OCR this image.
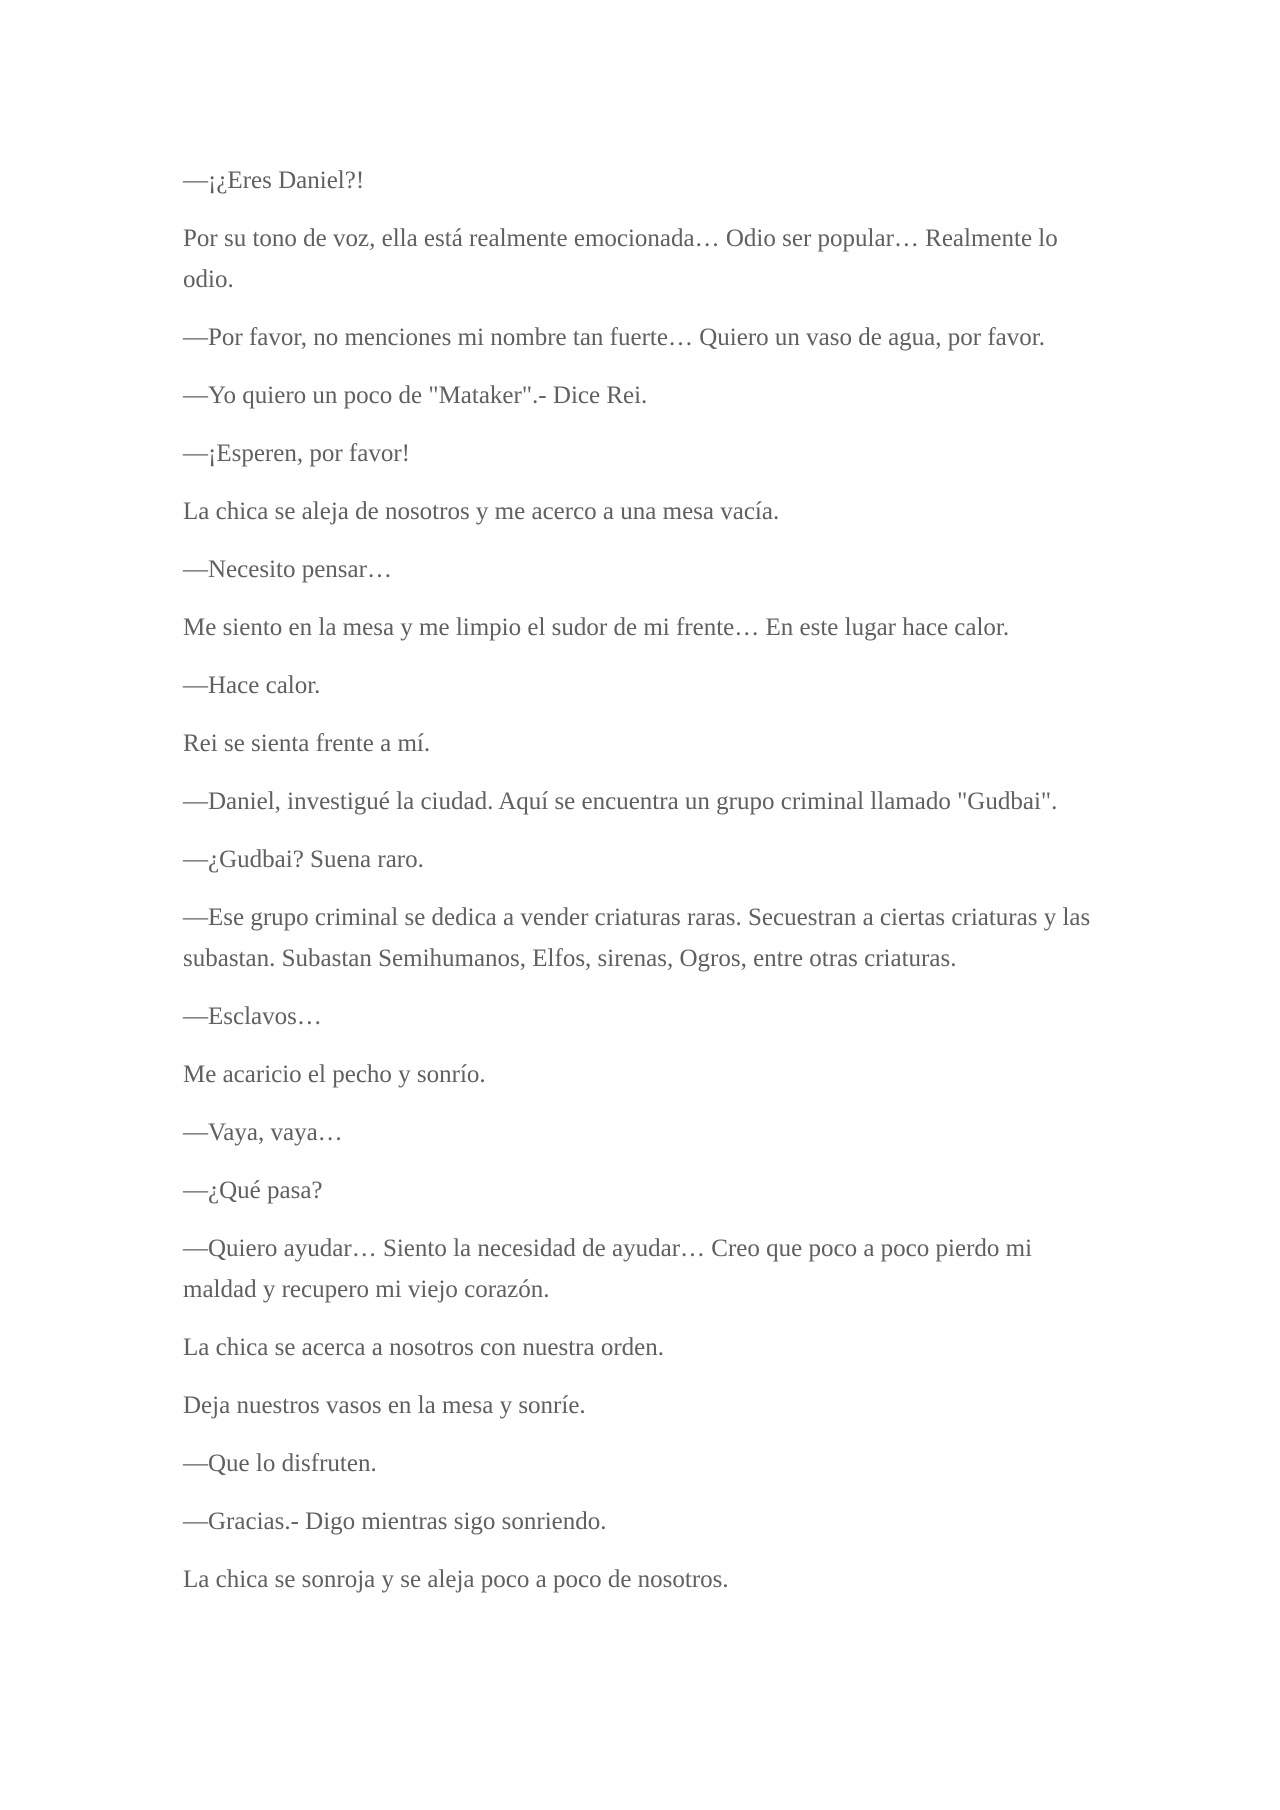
—¡¿Eres Daniel?!

Por su tono de voz, ella está realmente emocionada… Odio ser popular… Realmente lo odio.

—Por favor, no menciones mi nombre tan fuerte… Quiero un vaso de agua, por favor.

—Yo quiero un poco de "Mataker".- Dice Rei.

—¡Esperen, por favor!

La chica se aleja de nosotros y me acerco a una mesa vacía.

—Necesito pensar…

Me siento en la mesa y me limpio el sudor de mi frente… En este lugar hace calor.

—Hace calor.

Rei se sienta frente a mí.

—Daniel, investigué la ciudad. Aquí se encuentra un grupo criminal llamado "Gudbai".

—¿Gudbai? Suena raro.

—Ese grupo criminal se dedica a vender criaturas raras. Secuestran a ciertas criaturas y las subastan. Subastan Semihumanos, Elfos, sirenas, Ogros, entre otras criaturas.

—Esclavos…

Me acaricio el pecho y sonrío.

—Vaya, vaya…

—¿Qué pasa?

—Quiero ayudar… Siento la necesidad de ayudar… Creo que poco a poco pierdo mi maldad y recupero mi viejo corazón.

La chica se acerca a nosotros con nuestra orden.

Deja nuestros vasos en la mesa y sonríe.

—Que lo disfruten.

—Gracias.- Digo mientras sigo sonriendo.

La chica se sonroja y se aleja poco a poco de nosotros.
